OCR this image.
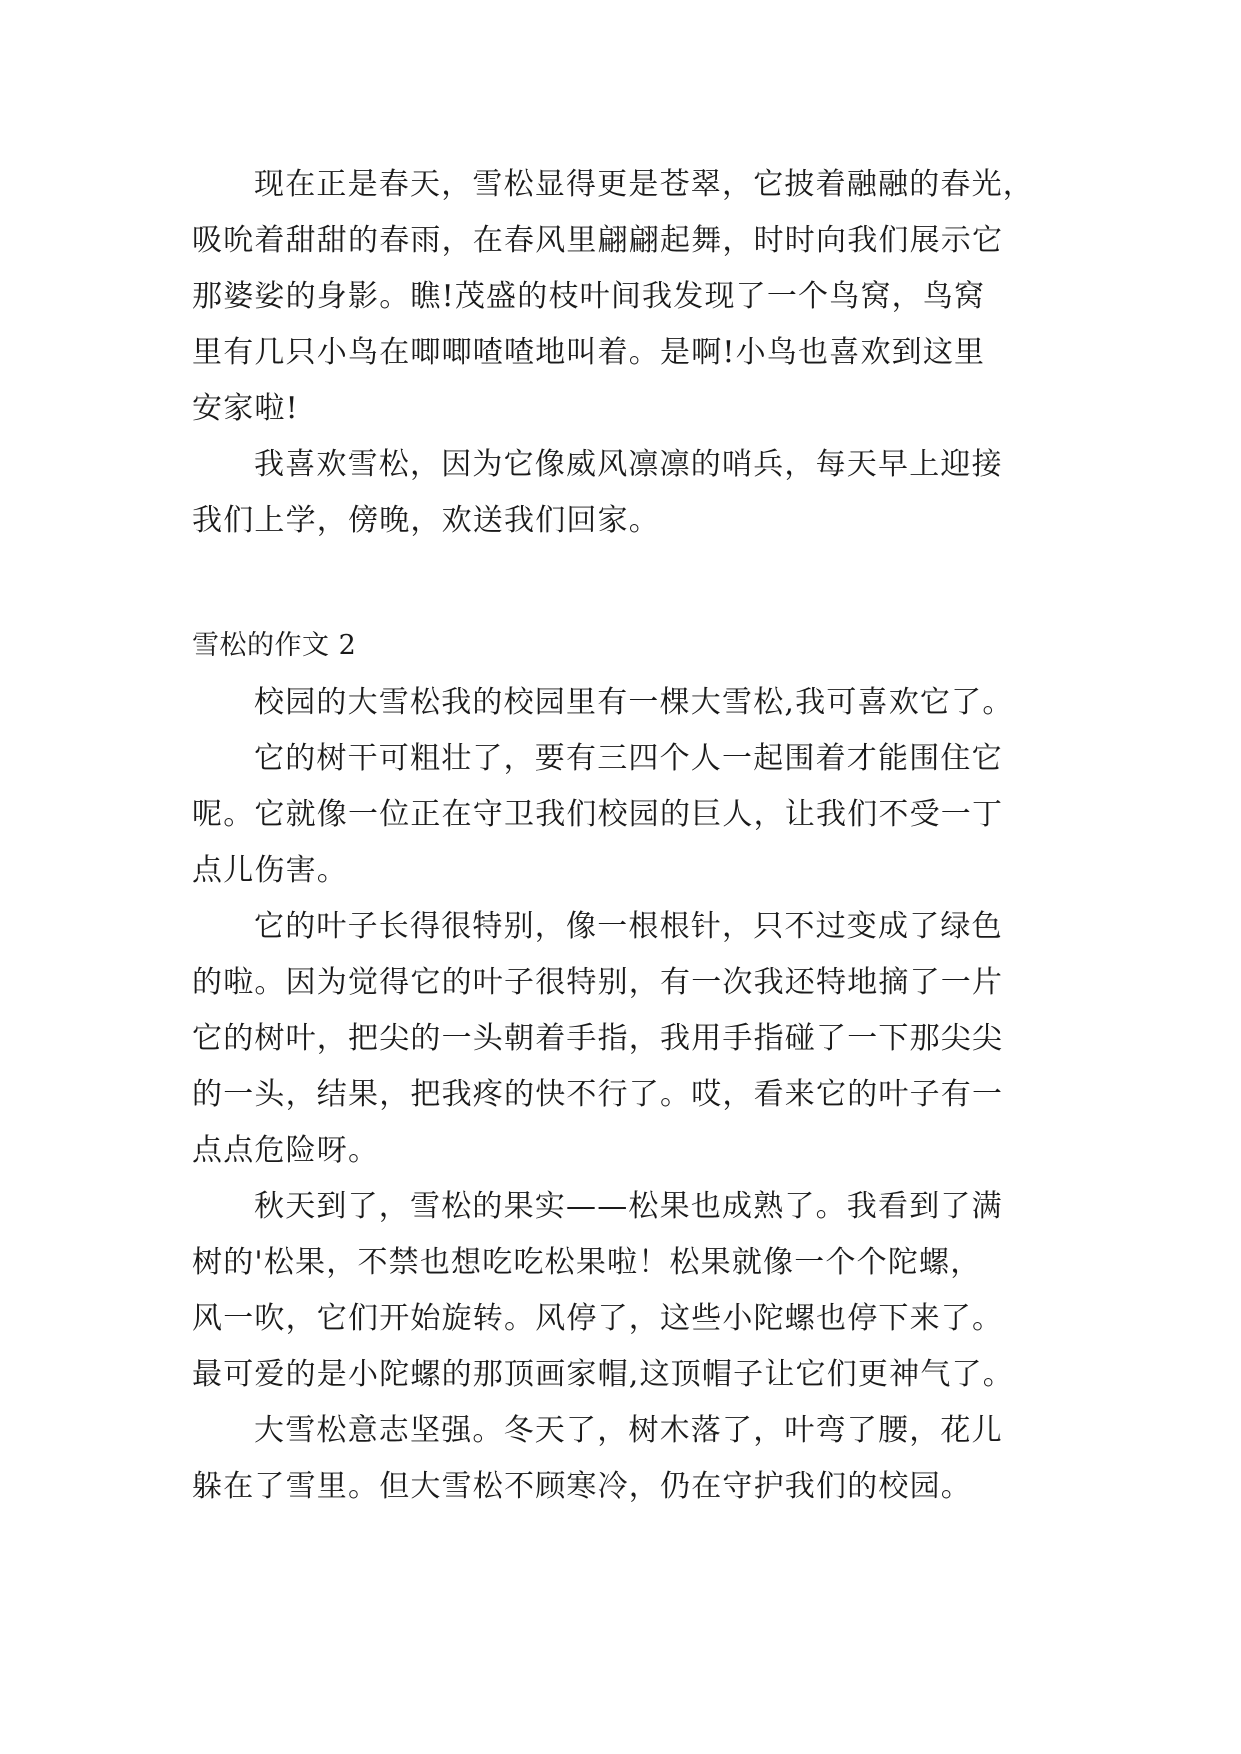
现在正是春天，雪松显得更是苍翠，它披着融融的春光，
吸吮着甜甜的春雨，在春风里翩翩起舞，时时向我们展示它
那婆娑的身影。瞧!茂盛的枝叶间我发现了一个鸟窝，鸟窝
里有几只小鸟在唧唧喳喳地叫着。是啊!小鸟也喜欢到这里
安家啦!
我喜欢雪松，因为它像威风凛凛的哨兵，每天早上迎接
我们上学，傍晚，欢送我们回家。
雪松的作文 2
校园的大雪松我的校园里有一棵大雪松,我可喜欢它了。
它的树干可粗壮了，要有三四个人一起围着才能围住它
呢。它就像一位正在守卫我们校园的巨人，让我们不受一丁
点儿伤害。
它的叶子长得很特别，像一根根针，只不过变成了绿色
的啦。因为觉得它的叶子很特别，有一次我还特地摘了一片
它的树叶，把尖的一头朝着手指，我用手指碰了一下那尖尖
的一头，结果，把我疼的快不行了。哎，看来它的叶子有一
点点危险呀。
秋天到了，雪松的果实——松果也成熟了。我看到了满
树的'松果，不禁也想吃吃松果啦！松果就像一个个陀螺，
风一吹，它们开始旋转。风停了，这些小陀螺也停下来了。
最可爱的是小陀螺的那顶画家帽,这顶帽子让它们更神气了。
大雪松意志坚强。冬天了，树木落了，叶弯了腰，花儿
躲在了雪里。但大雪松不顾寒冷，仍在守护我们的校园。
